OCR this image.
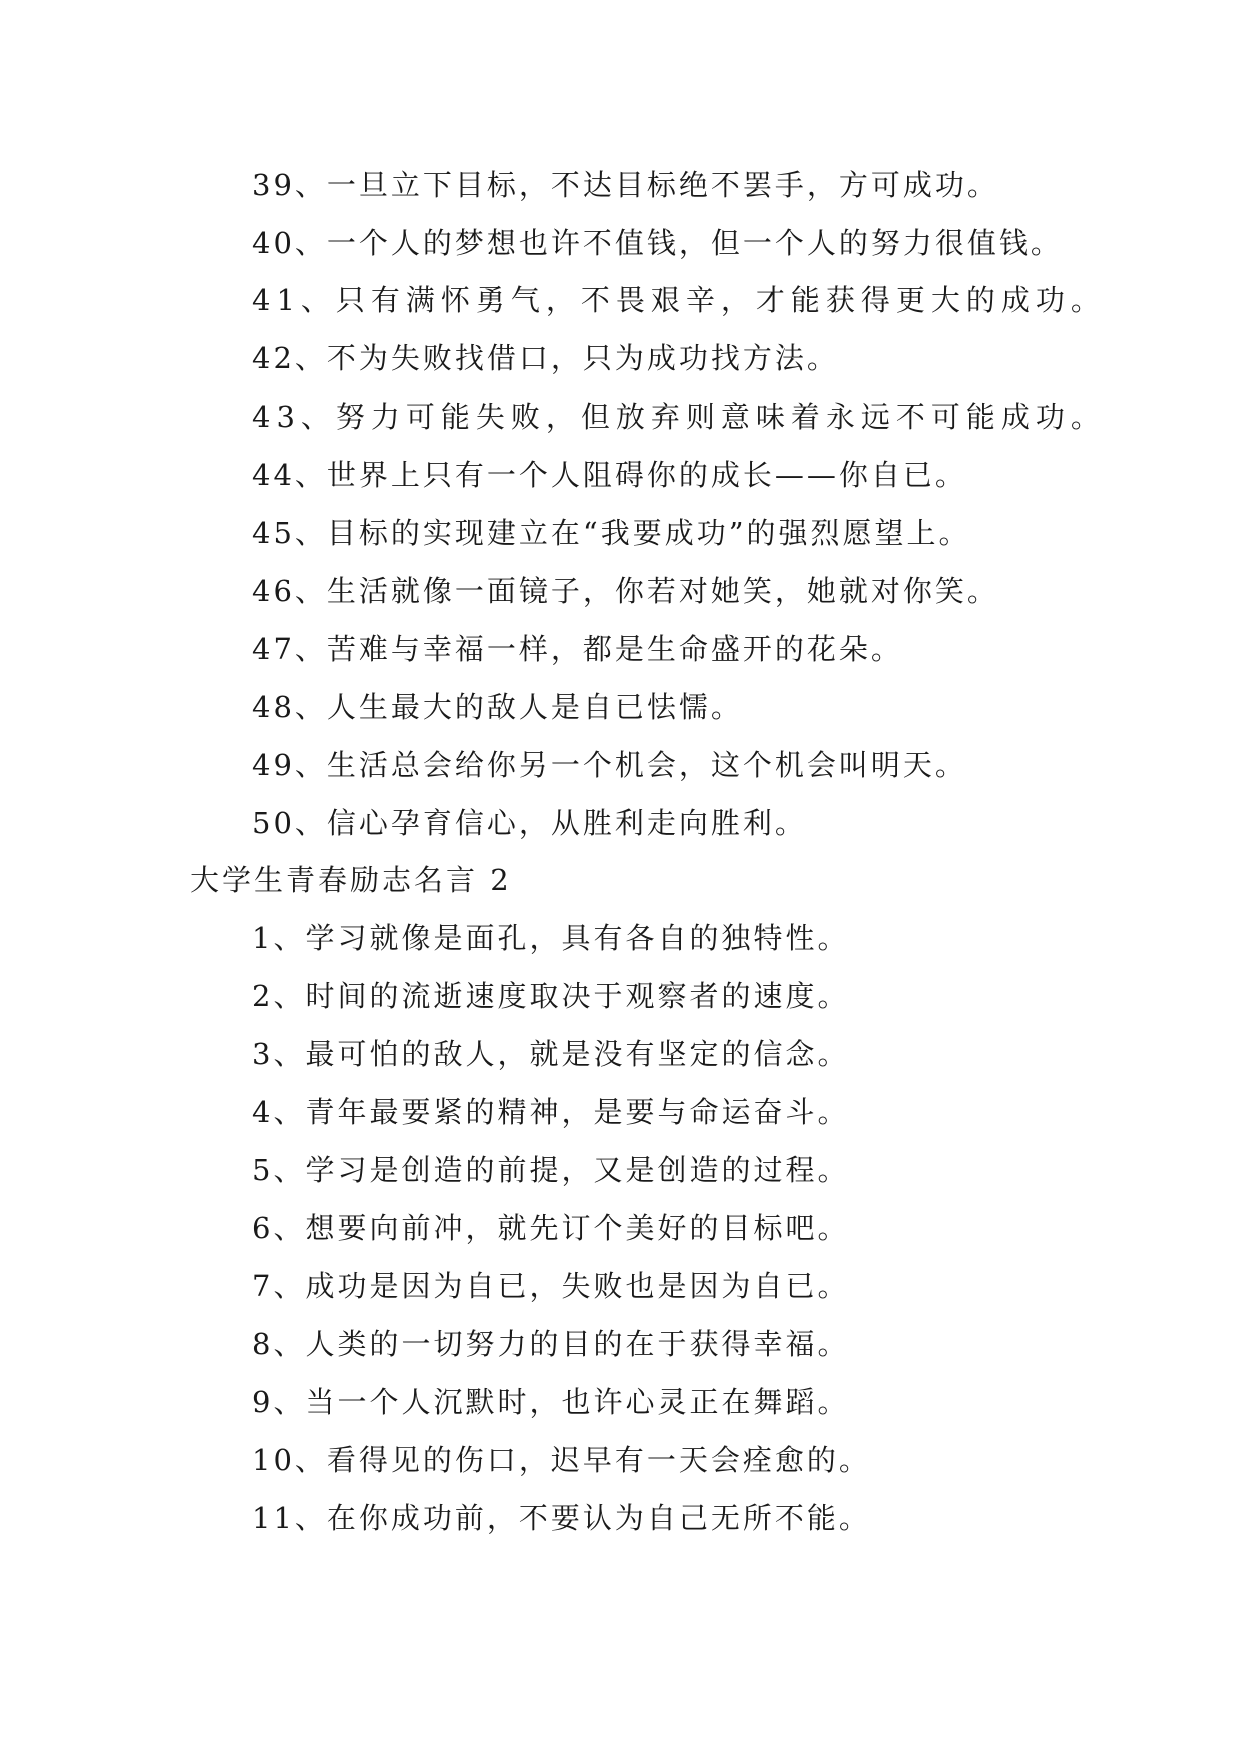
39、一旦立下目标，不达目标绝不罢手，方可成功。
40、一个人的梦想也许不值钱，但一个人的努力很值钱。
41、只有满怀勇气，不畏艰辛，才能获得更大的成功。
42、不为失败找借口，只为成功找方法。
43、努力可能失败，但放弃则意味着永远不可能成功。
44、世界上只有一个人阻碍你的成长——你自已。
45、目标的实现建立在“我要成功”的强烈愿望上。
46、生活就像一面镜子，你若对她笑，她就对你笑。
47、苦难与幸福一样，都是生命盛开的花朵。
48、人生最大的敌人是自已怯懦。
49、生活总会给你另一个机会，这个机会叫明天。
50、信心孕育信心，从胜利走向胜利。
大学生青春励志名言 2
1、学习就像是面孔，具有各自的独特性。
2、时间的流逝速度取决于观察者的速度。
3、最可怕的敌人，就是没有坚定的信念。
4、青年最要紧的精神，是要与命运奋斗。
5、学习是创造的前提，又是创造的过程。
6、想要向前冲，就先订个美好的目标吧。
7、成功是因为自已，失败也是因为自已。
8、人类的一切努力的目的在于获得幸福。
9、当一个人沉默时，也许心灵正在舞蹈。
10、看得见的伤口，迟早有一天会痊愈的。
11、在你成功前，不要认为自己无所不能。
